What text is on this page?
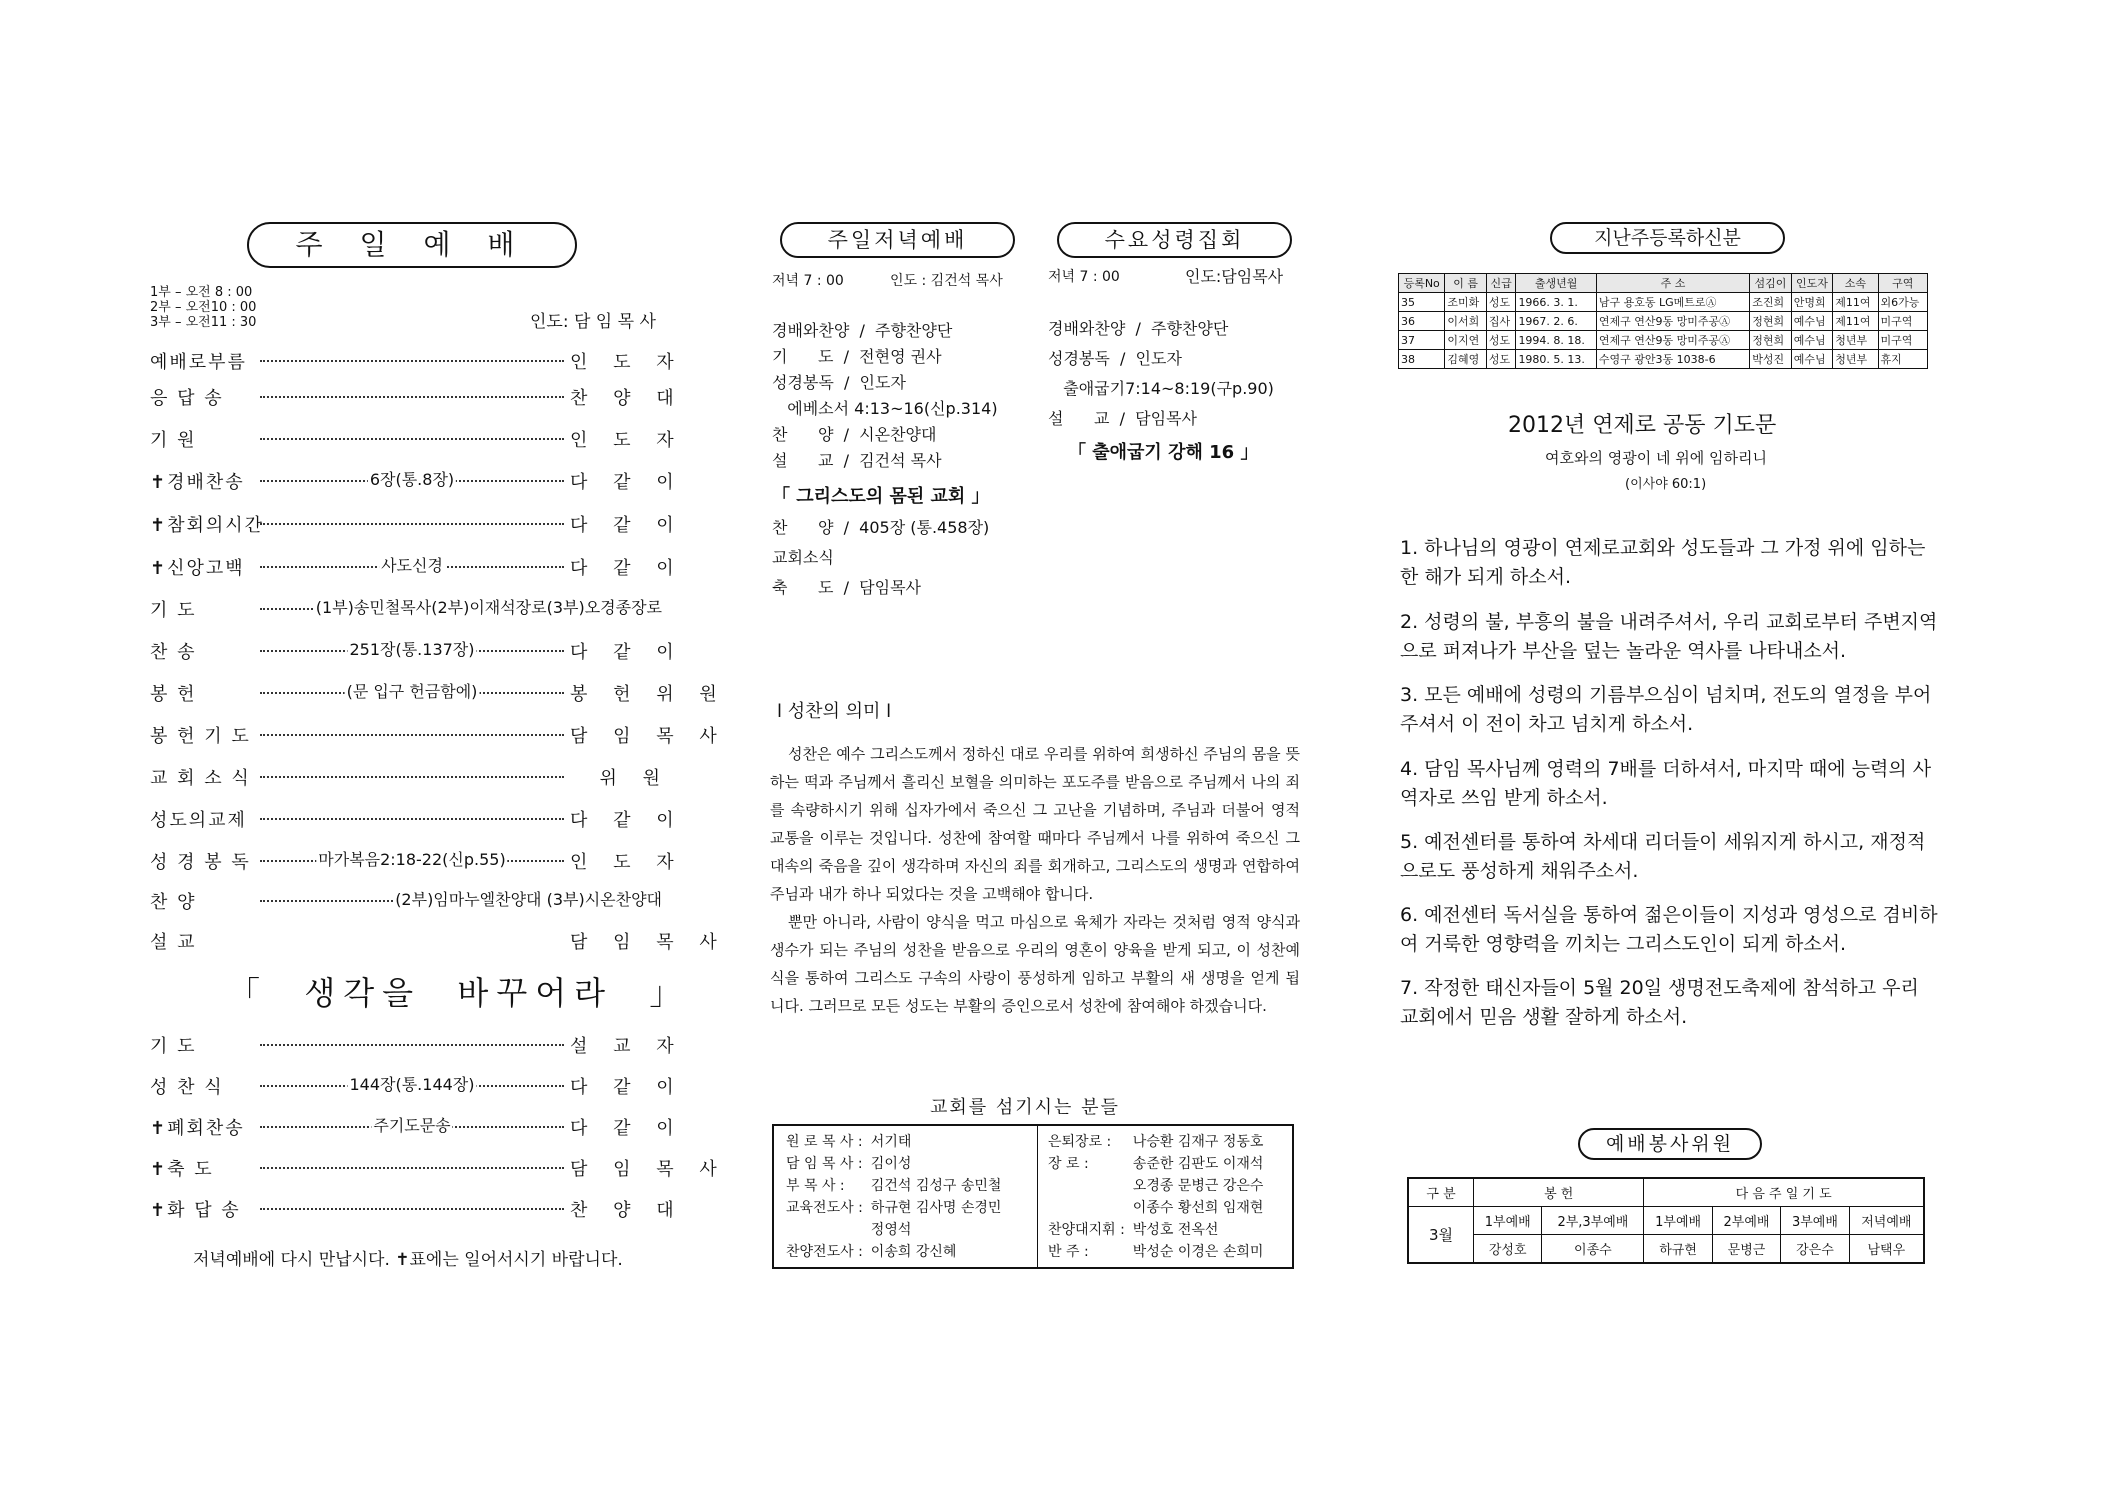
주 일 예 배
1부 – 오전 8 : 00
2부 – 오전10 : 00
3부 – 오전11 : 30	인도: 담 임 목 사
예배로부름	인 도 자
응 답 송	찬 양 대
기 원	인 도 자
✝경배찬송	6장(통.8장)	다 같 이
✝참회의시간	다 같 이
✝신앙고백	사도신경	다 같 이
기 도	(1부)송민철목사(2부)이재석장로(3부)오경종장로
찬 송	251장(통.137장)	다 같 이
봉 헌	(문 입구 헌금함에)	봉 헌 위 원
봉 헌 기 도	담 임 목 사
교 회 소 식	위 원
성도의교제	다 같 이
성 경 봉 독	마가복음2:18-22(신p.55)	인 도 자
찬 양	(2부)임마누엘찬양대 (3부)시온찬양대
설 교	담 임 목 사
「  생각을  바꾸어라  」
기 도	설 교 자
성 찬 식	144장(통.144장)	다 같 이
✝폐회찬송	주기도문송	다 같 이
✝축 도	담 임 목 사
✝화 답 송	찬 양 대
저녁예배에 다시 만납시다. ✝표에는 일어서시기 바랍니다.
주일저녁예배
저녁 7 : 00	인도 : 김건석 목사
경배와찬양  /  주향찬양단
기      도  /  전현영 권사
성경봉독  /  인도자
에베소서 4:13~16(신p.314)
찬      양  /  시온찬양대
설      교  /  김건석 목사
「 그리스도의 몸된 교회 」
찬      양  /  405장 (통.458장)
교회소식
축      도  /  담임목사
수요성령집회
저녁 7 : 00	인도:담임목사
경배와찬양  /  주향찬양단
성경봉독  /  인도자
출애굽기7:14~8:19(구p.90)
설      교  /  담임목사
「 출애굽기 강해 16 」
l 성찬의 의미 l
성찬은 예수 그리스도께서 정하신 대로 우리를 위하여 희생하신 주님의 몸을 뜻하는 떡과 주님께서 흘리신 보혈을 의미하는 포도주를 받음으로 주님께서 나의 죄를 속량하시기 위해 십자가에서 죽으신 그 고난을 기념하며, 주님과 더불어 영적 교통을 이루는 것입니다. 성찬에 참여할 때마다 주님께서 나를 위하여 죽으신 그 대속의 죽음을 깊이 생각하며 자신의 죄를 회개하고, 그리스도의 생명과 연합하여 주님과 내가 하나 되었다는 것을 고백해야 합니다.
뿐만 아니라, 사람이 양식을 먹고 마심으로 육체가 자라는 것처럼 영적 양식과 생수가 되는 주님의 성찬을 받음으로 우리의 영혼이 양육을 받게 되고, 이 성찬예식을 통하여 그리스도 구속의 사랑이 풍성하게 임하고 부활의 새 생명을 얻게 됩니다. 그러므로 모든 성도는 부활의 증인으로서 성찬에 참여해야 하겠습니다.
교회를 섬기시는 분들
원 로 목 사 :	서기태
담 임 목 사 :	김이성
부 목 사 :	김건석 김성구 송민철
교육전도사 :	하규현 김사명 손경민
	정영석
찬양전도사 :	이송희 강신혜
은퇴장로 :	나승환 김재구 정동호
장 로 :	송준한 김판도 이재석
	오경종 문병근 강은수
	이종수 황선희 임재현
찬양대지휘 :	박성호 전옥선
반 주 :	박성순 이경은 손희미
지난주등록하신분
등록No	이 름	신급	출생년월	주 소	섬김이	인도자	소속	구역
35	조미화	성도	1966. 3. 1.	남구 용호동 LG메트로Ⓐ	조진희	안명희	제11여	외6가능
36	이서희	집사	1967. 2. 6.	연제구 연산9동 망미주공Ⓐ	정현희	예수님	제11여	미구역
37	이지연	성도	1994. 8. 18.	연제구 연산9동 망미주공Ⓐ	정현희	예수님	청년부	미구역
38	김혜영	성도	1980. 5. 13.	수영구 광안3동 1038-6	박성진	예수님	청년부	휴지
2012년 연제로 공동 기도문
여호와의 영광이 네 위에 임하리니
(이사야 60:1)
1. 하나님의 영광이 연제로교회와 성도들과 그 가정 위에 임하는 한 해가 되게 하소서.
2. 성령의 불, 부흥의 불을 내려주셔서, 우리 교회로부터 주변지역으로 퍼져나가 부산을 덮는 놀라운 역사를 나타내소서.
3. 모든 예배에 성령의 기름부으심이 넘치며, 전도의 열정을 부어주셔서 이 전이 차고 넘치게 하소서.
4. 담임 목사님께 영력의 7배를 더하셔서, 마지막 때에 능력의 사역자로 쓰임 받게 하소서.
5. 예전센터를 통하여 차세대 리더들이 세워지게 하시고, 재정적으로도 풍성하게 채워주소서.
6. 예전센터 독서실을 통하여 젊은이들이 지성과 영성으로 겸비하여 거룩한 영향력을 끼치는 그리스도인이 되게 하소서.
7. 작정한 태신자들이 5월 20일 생명전도축제에 참석하고 우리 교회에서 믿음 생활 잘하게 하소서.
예배봉사위원
구 분	봉 헌		다 음 주 일 기 도			
3월	1부예배	2부,3부예배	1부예배	2부예배	3부예배	저녁예배
	강성호	이종수	하규현	문병근	강은수	남택우
